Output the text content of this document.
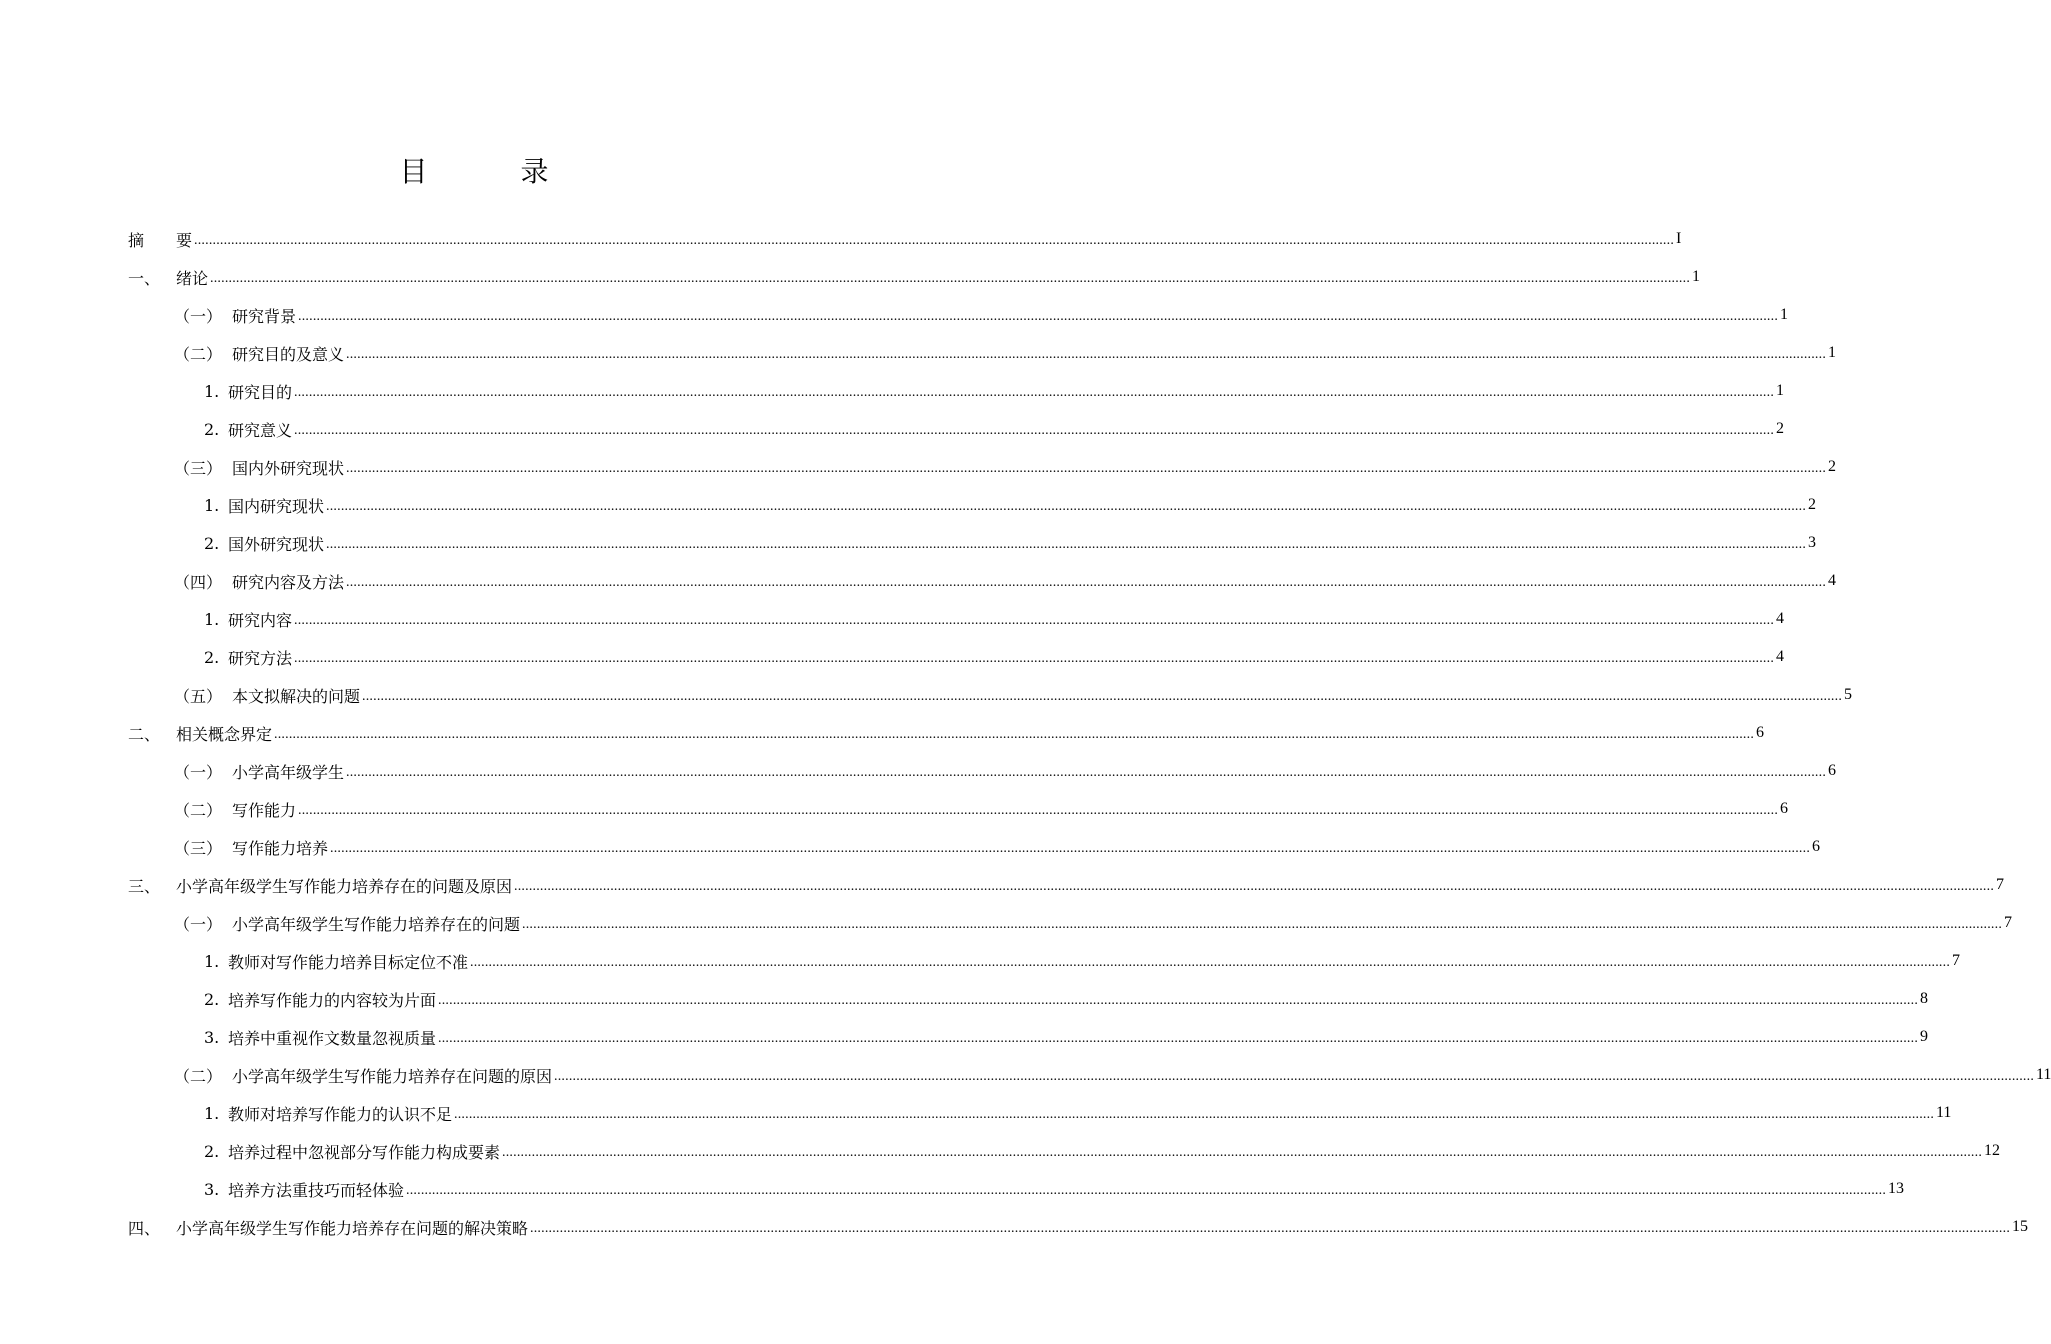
目 录
摘　 要 ................................................................................................................................................................................................................................................................................................................................................................................................................ I
一、 绪论 ................................................................................................................................................................................................................................................................................................................................................................................................................ 1
（一） 研究背景 ................................................................................................................................................................................................................................................................................................................................................................................................................ 1
（二） 研究目的及意义 ................................................................................................................................................................................................................................................................................................................................................................................................................ 1
1. 研究目的 ................................................................................................................................................................................................................................................................................................................................................................................................................ 1
2. 研究意义 ................................................................................................................................................................................................................................................................................................................................................................................................................ 2
（三） 国内外研究现状 ................................................................................................................................................................................................................................................................................................................................................................................................................ 2
1. 国内研究现状 ................................................................................................................................................................................................................................................................................................................................................................................................................ 2
2. 国外研究现状 ................................................................................................................................................................................................................................................................................................................................................................................................................ 3
（四） 研究内容及方法 ................................................................................................................................................................................................................................................................................................................................................................................................................ 4
1. 研究内容 ................................................................................................................................................................................................................................................................................................................................................................................................................ 4
2. 研究方法 ................................................................................................................................................................................................................................................................................................................................................................................................................ 4
（五） 本文拟解决的问题 ................................................................................................................................................................................................................................................................................................................................................................................................................ 5
二、 相关概念界定 ................................................................................................................................................................................................................................................................................................................................................................................................................ 6
（一） 小学高年级学生 ................................................................................................................................................................................................................................................................................................................................................................................................................ 6
（二） 写作能力 ................................................................................................................................................................................................................................................................................................................................................................................................................ 6
（三） 写作能力培养 ................................................................................................................................................................................................................................................................................................................................................................................................................ 6
三、 小学高年级学生写作能力培养存在的问题及原因 ................................................................................................................................................................................................................................................................................................................................................................................................................ 7
（一） 小学高年级学生写作能力培养存在的问题 ................................................................................................................................................................................................................................................................................................................................................................................................................ 7
1. 教师对写作能力培养目标定位不准 ................................................................................................................................................................................................................................................................................................................................................................................................................ 7
2. 培养写作能力的内容较为片面 ................................................................................................................................................................................................................................................................................................................................................................................................................ 8
3. 培养中重视作文数量忽视质量 ................................................................................................................................................................................................................................................................................................................................................................................................................ 9
（二） 小学高年级学生写作能力培养存在问题的原因 ................................................................................................................................................................................................................................................................................................................................................................................................................ 11
1. 教师对培养写作能力的认识不足 ................................................................................................................................................................................................................................................................................................................................................................................................................ 11
2. 培养过程中忽视部分写作能力构成要素 ................................................................................................................................................................................................................................................................................................................................................................................................................ 12
3. 培养方法重技巧而轻体验 ................................................................................................................................................................................................................................................................................................................................................................................................................ 13
四、 小学高年级学生写作能力培养存在问题的解决策略 ................................................................................................................................................................................................................................................................................................................................................................................................................ 15
